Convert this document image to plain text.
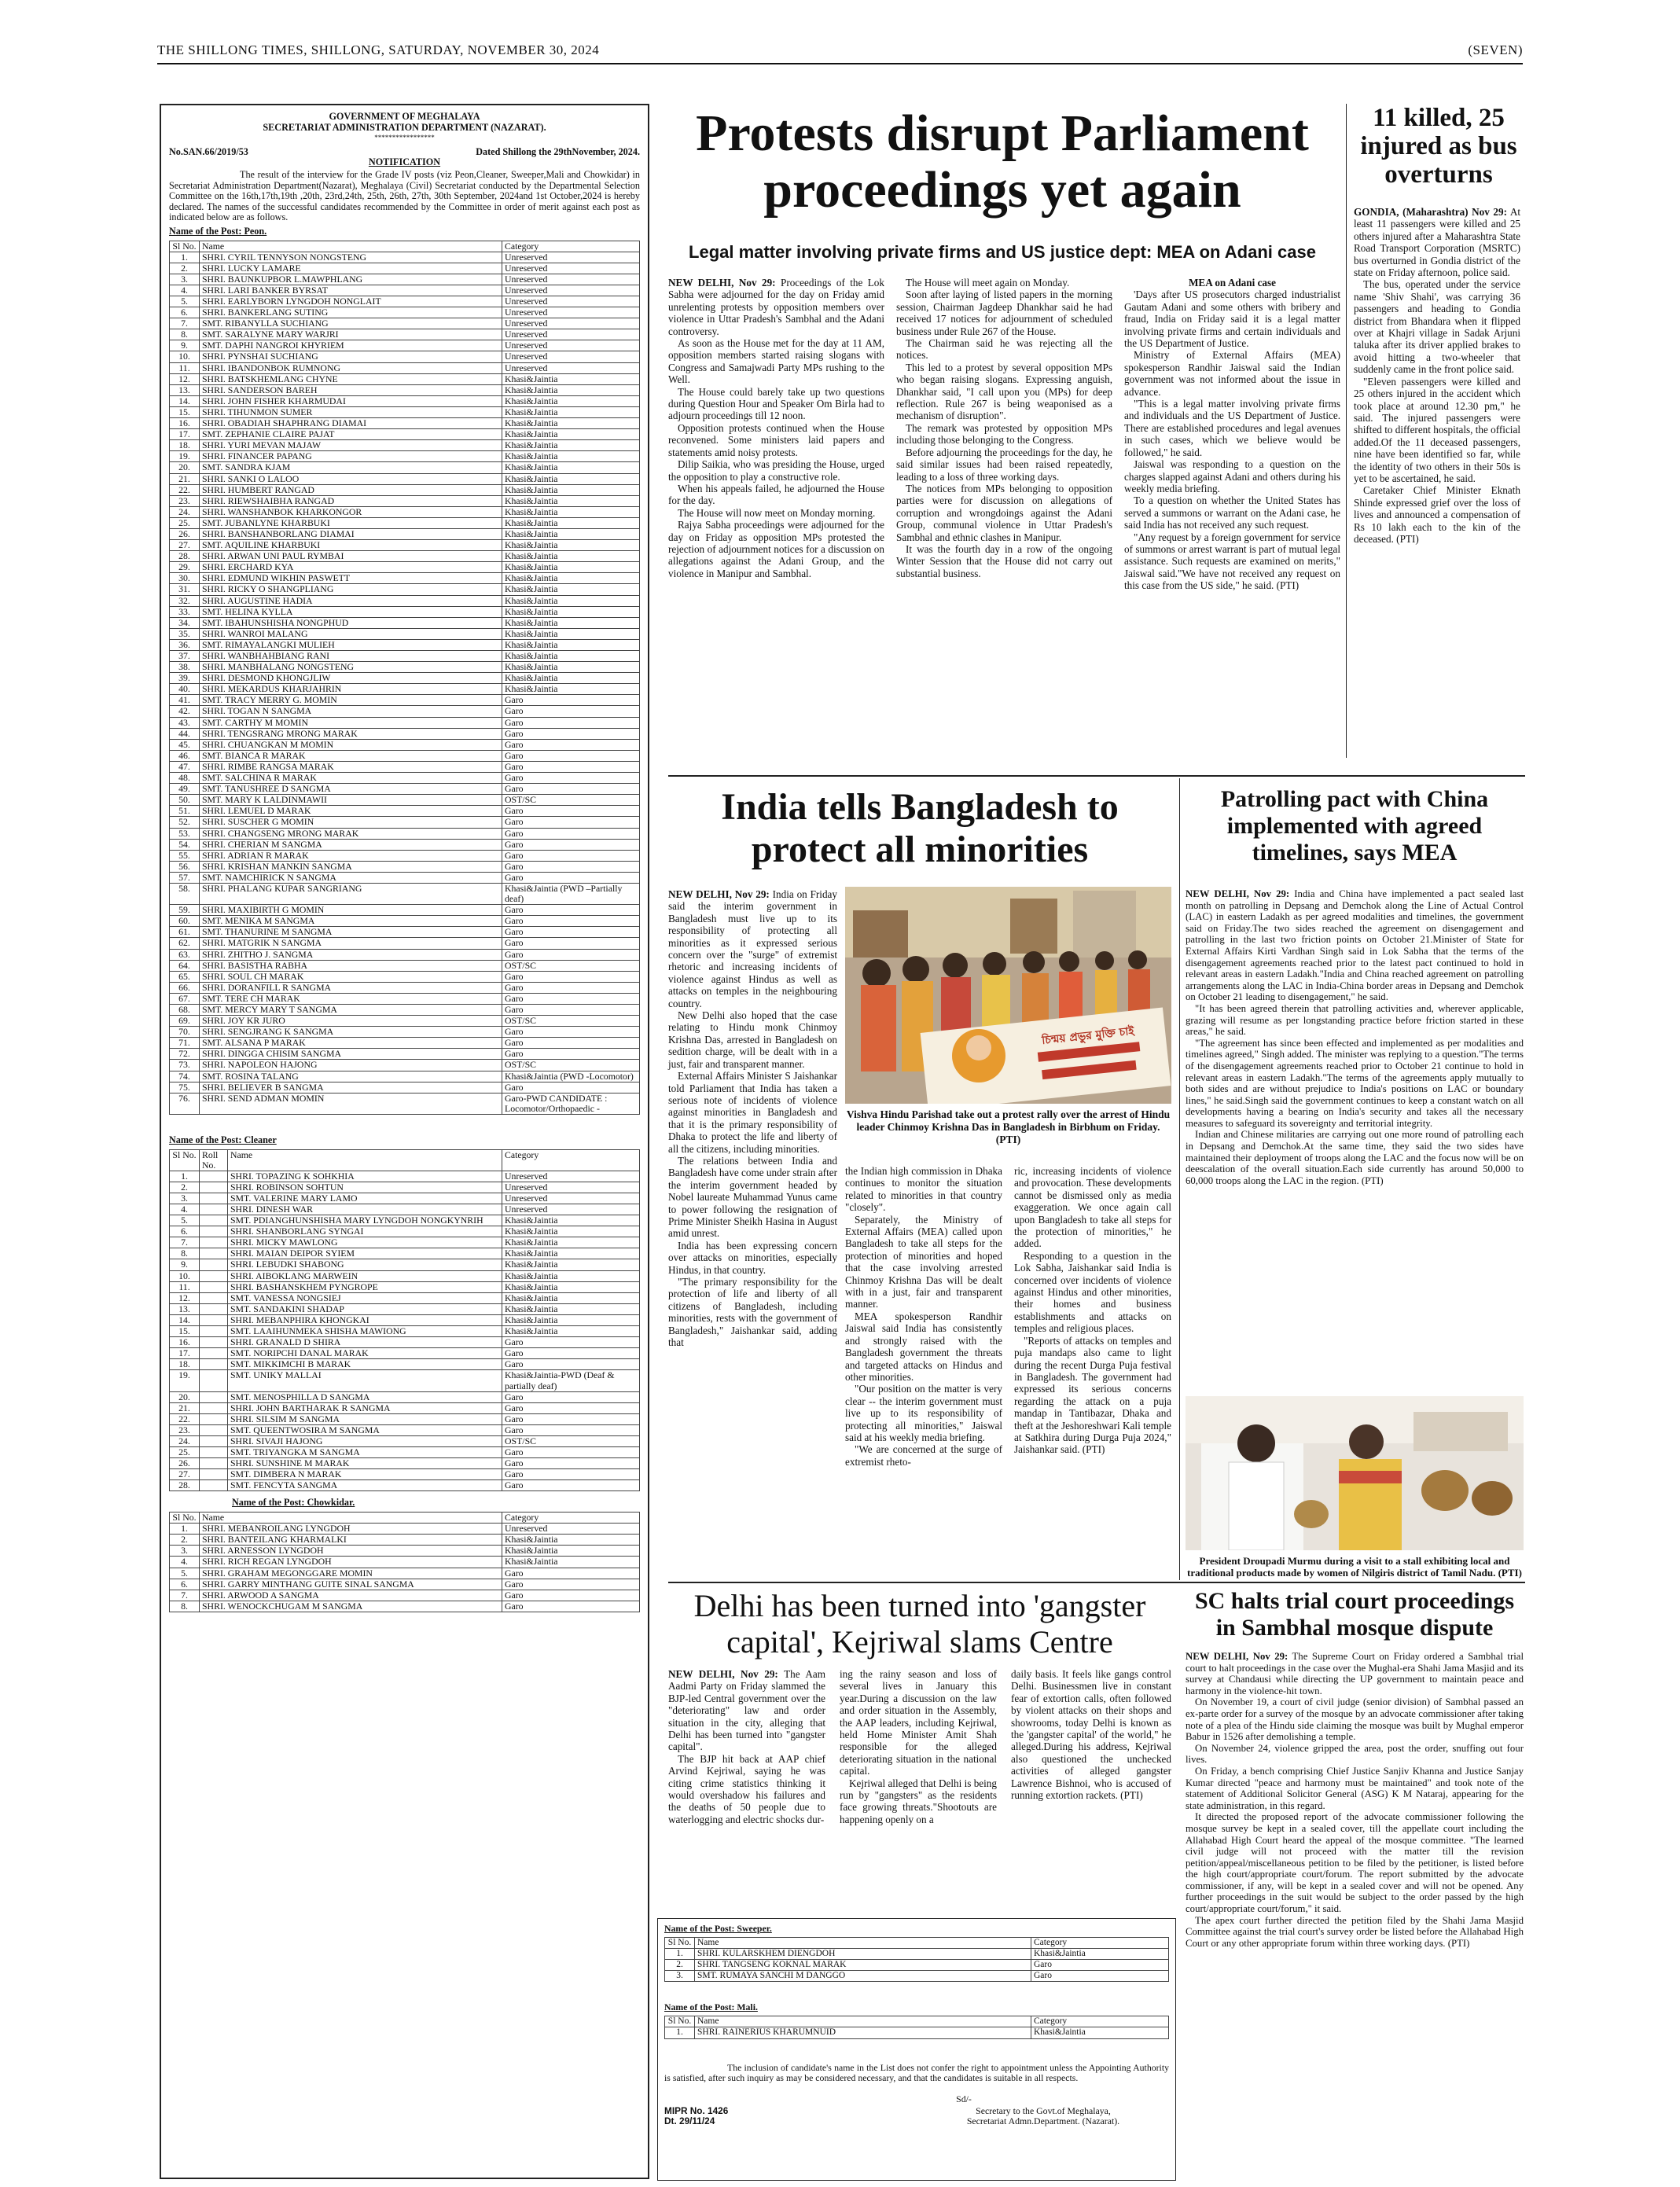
THE SHILLONG TIMES, SHILLONG, SATURDAY, NOVEMBER 30, 2024	(SEVEN)
GOVERNMENT OF MEGHALAYA
SECRETARIAT ADMINISTRATION DEPARTMENT (NAZARAT).
*****************
No.SAN.66/2019/53	Dated Shillong the 29thNovember, 2024.
NOTIFICATION
The result of the interview for the Grade IV posts (viz Peon,Cleaner, Sweeper,Mali and Chowkidar) in Secretariat Administration Department(Nazarat), Meghalaya (Civil) Secretariat conducted by the Departmental Selection Committee on the 16th,17th,19th ,20th, 23rd,24th, 25th, 26th, 27th, 30th September, 2024and 1st October,2024 is hereby declared. The names of the successful candidates recommended by the Committee in order of merit against each post as indicated below are as follows.
Name of the Post: Peon.
Sl No.	Name	Category
1.	SHRI. CYRIL TENNYSON NONGSTENG	Unreserved
2.	SHRI. LUCKY LAMARE	Unreserved
3.	SHRI. BAUNKUPBOR L.MAWPHLANG	Unreserved
4.	SHRI. LARI BANKER BYRSAT	Unreserved
5.	SHRI. EARLYBORN LYNGDOH NONGLAIT	Unreserved
6.	SHRI. BANKERLANG SUTING	Unreserved
7.	SMT. RIBANYLLA SUCHIANG	Unreserved
8.	SMT. SARALYNE MARY WARJRI	Unreserved
9.	SMT. DAPHI NANGROI KHYRIEM	Unreserved
10.	SHRI. PYNSHAI SUCHIANG	Unreserved
11.	SHRI. IBANDONBOK RUMNONG	Unreserved
12.	SHRI. BATSKHEMLANG CHYNE	Khasi&Jaintia
13.	SHRI. SANDERSON BAREH	Khasi&Jaintia
14.	SHRI. JOHN FISHER KHARMUDAI	Khasi&Jaintia
15.	SHRI. TIHUNMON SUMER	Khasi&Jaintia
16.	SHRI. OBADIAH SHAPHRANG DIAMAI	Khasi&Jaintia
17.	SMT. ZEPHANIE CLAIRE PAJAT	Khasi&Jaintia
18.	SHRI. YURI MEVAN MAJAW	Khasi&Jaintia
19.	SHRI. FINANCER PAPANG	Khasi&Jaintia
20.	SMT. SANDRA KJAM	Khasi&Jaintia
21.	SHRI. SANKI O LALOO	Khasi&Jaintia
22.	SHRI. HUMBERT RANGAD	Khasi&Jaintia
23.	SHRI. RIEWSHAIBHA RANGAD	Khasi&Jaintia
24.	SHRI. WANSHANBOK KHARKONGOR	Khasi&Jaintia
25.	SMT. JUBANLYNE KHARBUKI	Khasi&Jaintia
26.	SHRI. BANSHANBORLANG DIAMAI	Khasi&Jaintia
27.	SMT. AQUILINE KHARBUKI	Khasi&Jaintia
28.	SHRI. ARWAN UNI PAUL RYMBAI	Khasi&Jaintia
29.	SHRI. ERCHARD KYA	Khasi&Jaintia
30.	SHRI. EDMUND WIKHIN PASWETT	Khasi&Jaintia
31.	SHRI. RICKY O SHANGPLIANG	Khasi&Jaintia
32.	SHRI. AUGUSTINE HADIA	Khasi&Jaintia
33.	SMT. HELINA KYLLA	Khasi&Jaintia
34.	SMT. IBAHUNSHISHA NONGPHUD	Khasi&Jaintia
35.	SHRI. WANROI MALANG	Khasi&Jaintia
36.	SMT. RIMAYALANGKI MULIEH	Khasi&Jaintia
37.	SHRI. WANBHAHBIANG RANI	Khasi&Jaintia
38.	SHRI. MANBHALANG NONGSTENG	Khasi&Jaintia
39.	SHRI. DESMOND KHONGJLIW	Khasi&Jaintia
40.	SHRI. MEKARDUS KHARJAHRIN	Khasi&Jaintia
41.	SMT. TRACY MERRY G. MOMIN	Garo
42.	SHRI. TOGAN N SANGMA	Garo
43.	SMT. CARTHY M MOMIN	Garo
44.	SHRI. TENGSRANG MRONG MARAK	Garo
45.	SHRI. CHUANGKAN M MOMIN	Garo
46.	SMT. BIANCA R MARAK	Garo
47.	SHRI. RIMBE RANGSA MARAK	Garo
48.	SMT. SALCHINA R MARAK	Garo
49.	SMT. TANUSHREE D SANGMA	Garo
50.	SMT. MARY K LALDINMAWII	OST/SC
51.	SHRI. LEMUEL D MARAK	Garo
52.	SHRI. SUSCHER G MOMIN	Garo
53.	SHRI. CHANGSENG MRONG MARAK	Garo
54.	SHRI. CHERIAN M SANGMA	Garo
55.	SHRI. ADRIAN R MARAK	Garo
56.	SHRI. KRISHAN MANKIN SANGMA	Garo
57.	SMT. NAMCHIRICK N SANGMA	Garo
58.	SHRI. PHALANG KUPAR SANGRIANG	Khasi&Jaintia (PWD –Partially deaf)
59.	SHRI. MAXIBIRTH G MOMIN	Garo
60.	SMT. MENIKA M SANGMA	Garo
61.	SMT. THANURINE M SANGMA	Garo
62.	SHRI. MATGRIK N SANGMA	Garo
63.	SHRI. ZHITHO J. SANGMA	Garo
64.	SHRI. BASISTHA RABHA	OST/SC
65.	SHRI. SOUL CH MARAK	Garo
66.	SHRI. DORANFILL R SANGMA	Garo
67.	SMT. TERE CH MARAK	Garo
68.	SMT. MERCY MARY T SANGMA	Garo
69.	SHRI. JOY KR JURO	OST/SC
70.	SHRI. SENGJRANG K SANGMA	Garo
71.	SMT. ALSANA P MARAK	Garo
72.	SHRI. DINGGA CHISIM SANGMA	Garo
73.	SHRI. NAPOLEON HAJONG	OST/SC
74.	SMT. ROSINA TALANG	Khasi&Jaintia (PWD -Locomotor)
75.	SHRI. BELIEVER B SANGMA	Garo
76.	SHRI. SEND ADMAN MOMIN	Garo-PWD CANDIDATE : Locomotor/Orthopaedic -
Name of the Post: Cleaner
Sl No.	Roll No.	Name	Category
1.		SHRI. TOPAZING K SOHKHIA	Unreserved
2.		SHRI. ROBINSON SOHTUN	Unreserved
3.		SMT. VALERINE MARY LAMO	Unreserved
4.		SHRI. DINESH WAR	Unreserved
5.		SMT. PDIANGHUNSHISHA MARY LYNGDOH NONGKYNRIH	Khasi&Jaintia
6.		SHRI. SHANBORLANG SYNGAI	Khasi&Jaintia
7.		SHRI. MICKY MAWLONG	Khasi&Jaintia
8.		SHRI. MAIAN DEIPOR SYIEM	Khasi&Jaintia
9.		SHRI. LEBUDKI SHABONG	Khasi&Jaintia
10.		SHRI. AIBOKLANG MARWEIN	Khasi&Jaintia
11.		SHRI. BASHANSKHEM PYNGROPE	Khasi&Jaintia
12.		SMT. VANESSA NONGSIEJ	Khasi&Jaintia
13.		SMT. SANDAKINI SHADAP	Khasi&Jaintia
14.		SHRI. MEBANPHIRA KHONGKAI	Khasi&Jaintia
15.		SMT. LAAIHUNMEKA SHISHA MAWIONG	Khasi&Jaintia
16.		SHRI. GRANALD D SHIRA	Garo
17.		SMT. NORIPCHI DANAL MARAK	Garo
18.		SMT. MIKKIMCHI B MARAK	Garo
19.		SMT. UNIKY MALLAI	Khasi&Jaintia-PWD (Deaf & partially deaf)
20.		SMT. MENOSPHILLA D SANGMA	Garo
21.		SHRI. JOHN BARTHARAK R SANGMA	Garo
22.		SHRI. SILSIM M SANGMA	Garo
23.		SMT. QUEENTWOSIRA M SANGMA	Garo
24.		SHRI. SIVAJI HAJONG	OST/SC
25.		SMT. TRIYANGKA M SANGMA	Garo
26.		SHRI. SUNSHINE M MARAK	Garo
27.		SMT. DIMBERA N MARAK	Garo
28.		SMT. FENCYTA SANGMA	Garo
Name of the Post: Chowkidar.
Sl No.	Name	Category
1.	SHRI. MEBANROILANG LYNGDOH	Unreserved
2.	SHRI. BANTEILANG KHARMALKI	Khasi&Jaintia
3.	SHRI. ARNESSON LYNGDOH	Khasi&Jaintia
4.	SHRI. RICH REGAN LYNGDOH	Khasi&Jaintia
5.	SHRI. GRAHAM MEGONGGARE MOMIN	Garo
6.	SHRI. GARRY MINTHANG GUITE SINAL SANGMA	Garo
7.	SHRI. ARWOOD A SANGMA	Garo
8.	SHRI. WENOCKCHUGAM M SANGMA	Garo
Protests disrupt Parliament proceedings yet again
Legal matter involving private firms and US justice dept: MEA on Adani case

NEW DELHI, Nov 29: Proceedings of the Lok Sabha were adjourned for the day on Friday amid unrelenting protests by opposition members over violence in Uttar Pradesh's Sambhal and the Adani controversy.

As soon as the House met for the day at 11 AM, opposition members started raising slogans with Congress and Samajwadi Party MPs rushing to the Well.

The House could barely take up two questions during Question Hour and Speaker Om Birla had to adjourn proceedings till 12 noon.

Opposition protests continued when the House reconvened. Some ministers laid papers and statements amid noisy protests.

Dilip Saikia, who was presiding the House, urged the opposition to play a constructive role.

When his appeals failed, he adjourned the House for the day.

The House will now meet on Monday morning.

Rajya Sabha proceedings were adjourned for the day on Friday as opposition MPs protested the rejection of adjournment notices for a discussion on allegations against the Adani Group, and the violence in Manipur and Sambhal.

The House will meet again on Monday.

Soon after laying of listed papers in the morning session, Chairman Jagdeep Dhankhar said he had received 17 notices for adjournment of scheduled business under Rule 267 of the House.

The Chairman said he was rejecting all the notices.

This led to a protest by several opposition MPs who began raising slogans. Expressing anguish, Dhankhar said, "I call upon you (MPs) for deep reflection. Rule 267 is being weaponised as a mechanism of disruption".

The remark was protested by opposition MPs including those belonging to the Congress.

Before adjourning the proceedings for the day, he said similar issues had been raised repeatedly, leading to a loss of three working days.

The notices from MPs belonging to opposition parties were for discussion on allegations of corruption and wrongdoings against the Adani Group, communal violence in Uttar Pradesh's Sambhal and ethnic clashes in Manipur.

It was the fourth day in a row of the ongoing Winter Session that the House did not carry out substantial business.

MEA on Adani case

'Days after US prosecutors charged industrialist Gautam Adani and some others with bribery and fraud, India on Friday said it is a legal matter involving private firms and certain individuals and the US Department of Justice.

Ministry of External Affairs (MEA) spokesperson Randhir Jaiswal said the Indian government was not informed about the issue in advance.

"This is a legal matter involving private firms and individuals and the US Department of Justice. There are established procedures and legal avenues in such cases, which we believe would be followed," he said.

Jaiswal was responding to a question on the charges slapped against Adani and others during his weekly media briefing.

To a question on whether the United States has served a summons or warrant on the Adani case, he said India has not received any such request.

"Any request by a foreign government for service of summons or arrest warrant is part of mutual legal assistance. Such requests are examined on merits," Jaiswal said."We have not received any request on this case from the US side," he said. (PTI)

11 killed, 25 injured as bus overturns

GONDIA, (Maharashtra) Nov 29: At least 11 passengers were killed and 25 others injured after a Maharashtra State Road Transport Corporation (MSRTC) bus overturned in Gondia district of the state on Friday afternoon, police said.

The bus, operated under the service name 'Shiv Shahi', was carrying 36 passengers and heading to Gondia district from Bhandara when it flipped over at Khajri village in Sadak Arjuni taluka after its driver applied brakes to avoid hitting a two-wheeler that suddenly came in the front police said.

"Eleven passengers were killed and 25 others injured in the accident which took place at around 12.30 pm," he said. The injured passengers were shifted to different hospitals, the official added.Of the 11 deceased passengers, nine have been identified so far, while the identity of two others in their 50s is yet to be ascertained, he said.

Caretaker Chief Minister Eknath Shinde expressed grief over the loss of lives and announced a compensation of Rs 10 lakh each to the kin of the deceased. (PTI)

India tells Bangladesh to protect all minorities

NEW DELHI, Nov 29: India on Friday said the interim government in Bangladesh must live up to its responsibility of protecting all minorities as it expressed serious concern over the "surge" of extremist rhetoric and increasing incidents of violence against Hindus as well as attacks on temples in the neighbouring country.

New Delhi also hoped that the case relating to Hindu monk Chinmoy Krishna Das, arrested in Bangladesh on sedition charge, will be dealt with in a just, fair and transparent manner.

External Affairs Minister S Jaishankar told Parliament that India has taken a serious note of incidents of violence against minorities in Bangladesh and that it is the primary responsibility of Dhaka to protect the life and liberty of all the citizens, including minorities.

The relations between India and Bangladesh have come under strain after the interim government headed by Nobel laureate Muhammad Yunus came to power following the resignation of Prime Minister Sheikh Hasina in August amid unrest.

India has been expressing concern over attacks on minorities, especially Hindus, in that country.

"The primary responsibility for the protection of life and liberty of all citizens of Bangladesh, including minorities, rests with the government of Bangladesh," Jaishankar said, adding that

চিন্ময় প্রভুর মুক্তি চাই
Vishva Hindu Parishad take out a protest rally over the arrest of Hindu leader Chinmoy Krishna Das in Bangladesh in Birbhum on Friday. (PTI)

the Indian high commission in Dhaka continues to monitor the situation related to minorities in that country "closely".

Separately, the Ministry of External Affairs (MEA) called upon Bangladesh to take all steps for the protection of minorities and hoped that the case involving arrested Chinmoy Krishna Das will be dealt with in a just, fair and transparent manner.

MEA spokesperson Randhir Jaiswal said India has consistently and strongly raised with the Bangladesh government the threats and targeted attacks on Hindus and other minorities.

"Our position on the matter is very clear -- the interim government must live up to its responsibility of protecting all minorities," Jaiswal said at his weekly media briefing.

"We are concerned at the surge of extremist rheto-

ric, increasing incidents of violence and provocation. These developments cannot be dismissed only as media exaggeration. We once again call upon Bangladesh to take all steps for the protection of minorities," he added.

Responding to a question in the Lok Sabha, Jaishankar said India is concerned over incidents of violence against Hindus and other minorities, their homes and business establishments and attacks on temples and religious places.

"Reports of attacks on temples and puja mandaps also came to light during the recent Durga Puja festival in Bangladesh. The government had expressed its serious concerns regarding the attack on a puja mandap in Tantibazar, Dhaka and theft at the Jeshoreshwari Kali temple at Satkhira during Durga Puja 2024," Jaishankar said. (PTI)

Patrolling pact with China implemented with agreed timelines, says MEA

NEW DELHI, Nov 29: India and China have implemented a pact sealed last month on patrolling in Depsang and Demchok along the Line of Actual Control (LAC) in eastern Ladakh as per agreed modalities and timelines, the government said on Friday.The two sides reached the agreement on disengagement and patrolling in the last two friction points on October 21.Minister of State for External Affairs Kirti Vardhan Singh said in Lok Sabha that the terms of the disengagement agreements reached prior to the latest pact continued to hold in relevant areas in eastern Ladakh."India and China reached agreement on patrolling arrangements along the LAC in India-China border areas in Depsang and Demchok on October 21 leading to disengagement," he said.

"It has been agreed therein that patrolling activities and, wherever applicable, grazing will resume as per longstanding practice before friction started in these areas," he said.

"The agreement has since been effected and implemented as per modalities and timelines agreed," Singh added. The minister was replying to a question."The terms of the disengagement agreements reached prior to October 21 continue to hold in relevant areas in eastern Ladakh."The terms of the agreements apply mutually to both sides and are without prejudice to India's positions on LAC or boundary lines," he said.Singh said the government continues to keep a constant watch on all developments having a bearing on India's security and takes all the necessary measures to safeguard its sovereignty and territorial integrity.

Indian and Chinese militaries are carrying out one more round of patrolling each in Depsang and Demchok.At the same time, they said the two sides have maintained their deployment of troops along the LAC and the focus now will be on deescalation of the overall situation.Each side currently has around 50,000 to 60,000 troops along the LAC in the region. (PTI)

President Droupadi Murmu during a visit to a stall exhibiting local and traditional products made by women of Nilgiris district of Tamil Nadu. (PTI)
Delhi has been turned into 'gangster capital', Kejriwal slams Centre

NEW DELHI, Nov 29: The Aam Aadmi Party on Friday slammed the BJP-led Central government over the "deteriorating" law and order situation in the city, alleging that Delhi has been turned into "gangster capital".

The BJP hit back at AAP chief Arvind Kejriwal, saying he was citing crime statistics thinking it would overshadow his failures and the deaths of 50 people due to waterlogging and electric shocks dur-

ing the rainy season and loss of several lives in January this year.During a discussion on the law and order situation in the Assembly, the AAP leaders, including Kejriwal, held Home Minister Amit Shah responsible for the alleged deteriorating situation in the national capital.

Kejriwal alleged that Delhi is being run by "gangsters" as the residents face growing threats."Shootouts are happening openly on a

daily basis. It feels like gangs control Delhi. Businessmen live in constant fear of extortion calls, often followed by violent attacks on their shops and showrooms, today Delhi is known as the 'gangster capital' of the world," he alleged.During his address, Kejriwal also questioned the unchecked activities of alleged gangster Lawrence Bishnoi, who is accused of running extortion rackets. (PTI)

SC halts trial court proceedings in Sambhal mosque dispute

NEW DELHI, Nov 29: The Supreme Court on Friday ordered a Sambhal trial court to halt proceedings in the case over the Mughal-era Shahi Jama Masjid and its survey at Chandausi while directing the UP government to maintain peace and harmony in the violence-hit town.

On November 19, a court of civil judge (senior division) of Sambhal passed an ex-parte order for a survey of the mosque by an advocate commissioner after taking note of a plea of the Hindu side claiming the mosque was built by Mughal emperor Babur in 1526 after demolishing a temple.

On November 24, violence gripped the area, post the order, snuffing out four lives.

On Friday, a bench comprising Chief Justice Sanjiv Khanna and Justice Sanjay Kumar directed "peace and harmony must be maintained" and took note of the statement of Additional Solicitor General (ASG) K M Nataraj, appearing for the state administration, in this regard.

It directed the proposed report of the advocate commissioner following the mosque survey be kept in a sealed cover, till the appellate court including the Allahabad High Court heard the appeal of the mosque committee. "The learned civil judge will not proceed with the matter till the revision petition/appeal/miscellaneous petition to be filed by the petitioner, is listed before the high court/appropriate court/forum. The report submitted by the advocate commissioner, if any, will be kept in a sealed cover and will not be opened. Any further proceedings in the suit would be subject to the order passed by the high court/appropriate court/forum," it said.

The apex court further directed the petition filed by the Shahi Jama Masjid Committee against the trial court's survey order be listed before the Allahabad High Court or any other appropriate forum within three working days. (PTI)

Name of the Post: Sweeper.
Sl No.	Name	Category
1.	SHRI. KULARSKHEM DIENGDOH	Khasi&Jaintia
2.	SHRI. TANGSENG KOKNAL MARAK	Garo
3.	SMT. RUMAYA SANCHI M DANGGO	Garo
Name of the Post: Mali.
Sl No.	Name	Category
1.	SHRI. RAINERIUS KHARUMNUID	Khasi&Jaintia
The inclusion of candidate's name in the List does not confer the right to appointment unless the Appointing Authority is satisfied, after such inquiry as may be considered necessary, and that the candidates is suitable in all respects.
Sd/-
MIPR No. 1426	Secretary to the Govt.of Meghalaya,
Dt. 29/11/24	Secretariat Admn.Department. (Nazarat).
